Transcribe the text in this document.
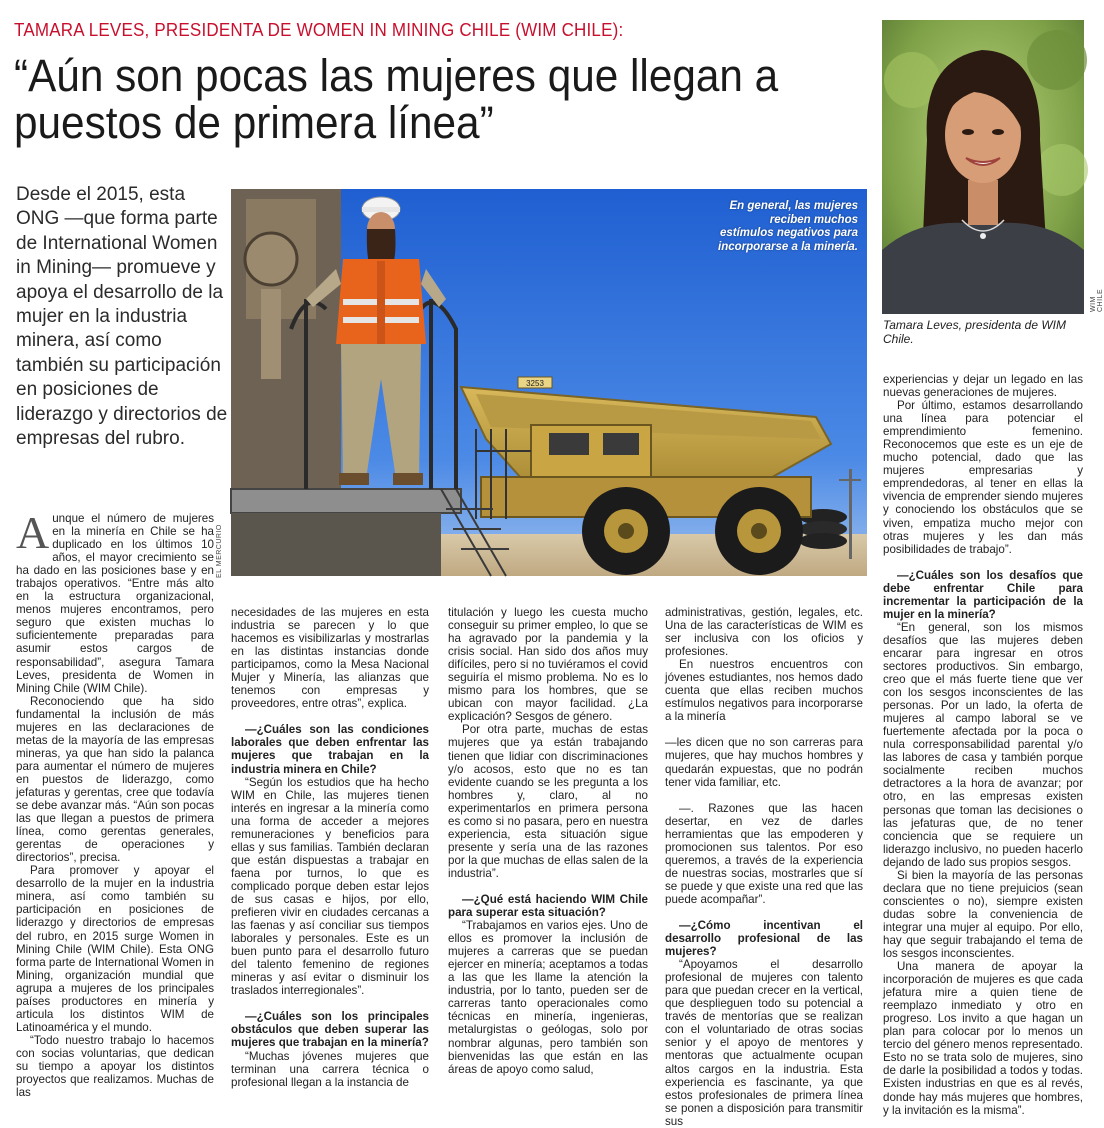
TAMARA LEVES, PRESIDENTA DE WOMEN IN MINING CHILE (WIM CHILE):
“Aún son pocas las mujeres que llegan a puestos de primera línea”

Desde el 2015, esta ONG —que forma parte de International Women in Mining— promueve y apoya el desarrollo de la mujer en la industria minera, así como también su participación en posiciones de liderazgo y directorios de empresas del rubro.

3253
En general, las mujeres reciben muchos estímulos negativos para incorporarse a la minería.
EL MERCURIO
WIM CHILE
Tamara Leves, presidenta de WIM Chile.

Aunque el número de mujeres en la minería en Chile se ha duplicado en los últimos 10 años, el mayor crecimiento se ha dado en las posiciones base y en trabajos operativos. “Entre más alto en la estructura organizacional, menos mujeres encontramos, pero seguro que existen muchas lo suficientemente preparadas para asumir estos cargos de responsabilidad”, asegura Tamara Leves, presidenta de Women in Mining Chile (WIM Chile).

Reconociendo que ha sido fundamental la inclusión de más mujeres en las declaraciones de metas de la mayoría de las empresas mineras, ya que han sido la palanca para aumentar el número de mujeres en puestos de liderazgo, como jefaturas y gerentas, cree que todavía se debe avanzar más. “Aún son pocas las que llegan a puestos de primera línea, como gerentas generales, gerentas de operaciones y directorios”, precisa.

Para promover y apoyar el desarrollo de la mujer en la industria minera, así como también su participación en posiciones de liderazgo y directorios de empresas del rubro, en 2015 surge Women in Mining Chile (WIM Chile). Esta ONG forma parte de International Women in Mining, organización mundial que agrupa a mujeres de los principales países productores en minería y articula los distintos WIM de Latinoamérica y el mundo.

“Todo nuestro trabajo lo hacemos con socias voluntarias, que dedican su tiempo a apoyar los distintos proyectos que realizamos. Muchas de las

necesidades de las mujeres en esta industria se parecen y lo que hacemos es visibilizarlas y mostrarlas en las distintas instancias donde participamos, como la Mesa Nacional Mujer y Minería, las alianzas que tenemos con empresas y proveedores, entre otras”, explica.

—¿Cuáles son las condiciones laborales que deben enfrentar las mujeres que trabajan en la industria minera en Chile?

“Según los estudios que ha hecho WIM en Chile, las mujeres tienen interés en ingresar a la minería como una forma de acceder a mejores remuneraciones y beneficios para ellas y sus familias. También declaran que están dispuestas a trabajar en faena por turnos, lo que es complicado porque deben estar lejos de sus casas e hijos, por ello, prefieren vivir en ciudades cercanas a las faenas y así conciliar sus tiempos laborales y personales. Este es un buen punto para el desarrollo futuro del talento femenino de regiones mineras y así evitar o disminuir los traslados interregionales”.

—¿Cuáles son los principales obstáculos que deben superar las mujeres que trabajan en la minería?

“Muchas jóvenes mujeres que terminan una carrera técnica o profesional llegan a la instancia de

titulación y luego les cuesta mucho conseguir su primer empleo, lo que se ha agravado por la pandemia y la crisis social. Han sido dos años muy difíciles, pero si no tuviéramos el covid seguiría el mismo problema. No es lo mismo para los hombres, que se ubican con mayor facilidad. ¿La explicación? Sesgos de género.

Por otra parte, muchas de estas mujeres que ya están trabajando tienen que lidiar con discriminaciones y/o acosos, esto que no es tan evidente cuando se les pregunta a los hombres y, claro, al no experimentarlos en primera persona es como si no pasara, pero en nuestra experiencia, esta situación sigue presente y sería una de las razones por la que muchas de ellas salen de la industria”.

—¿Qué está haciendo WIM Chile para superar esta situación?

“Trabajamos en varios ejes. Uno de ellos es promover la inclusión de mujeres a carreras que se puedan ejercer en minería; aceptamos a todas a las que les llame la atención la industria, por lo tanto, pueden ser de carreras tanto operacionales como técnicas en minería, ingenieras, metalurgistas o geólogas, solo por nombrar algunas, pero también son bienvenidas las que están en las áreas de apoyo como salud,

administrativas, gestión, legales, etc. Una de las características de WIM es ser inclusiva con los oficios y profesiones.

En nuestros encuentros con jóvenes estudiantes, nos hemos dado cuenta que ellas reciben muchos estímulos negativos para incorporarse a la minería

—les dicen que no son carreras para mujeres, que hay muchos hombres y quedarán expuestas, que no podrán tener vida familiar, etc.

—. Razones que las hacen desertar, en vez de darles herramientas que las empoderen y promocionen sus talentos. Por eso queremos, a través de la experiencia de nuestras socias, mostrarles que sí se puede y que existe una red que las puede acompañar”.

—¿Cómo incentivan el desarrollo profesional de las mujeres?

“Apoyamos el desarrollo profesional de mujeres con talento para que puedan crecer en la vertical, que desplieguen todo su potencial a través de mentorías que se realizan con el voluntariado de otras socias senior y el apoyo de mentores y mentoras que actualmente ocupan altos cargos en la industria. Esta experiencia es fascinante, ya que estos profesionales de primera línea se ponen a disposición para transmitir sus

experiencias y dejar un legado en las nuevas generaciones de mujeres.

Por último, estamos desarrollando una línea para potenciar el emprendimiento femenino. Reconocemos que este es un eje de mucho potencial, dado que las mujeres empresarias y emprendedoras, al tener en ellas la vivencia de emprender siendo mujeres y conociendo los obstáculos que se viven, empatiza mucho mejor con otras mujeres y les dan más posibilidades de trabajo”.

—¿Cuáles son los desafíos que debe enfrentar Chile para incrementar la participación de la mujer en la minería?

“En general, son los mismos desafíos que las mujeres deben encarar para ingresar en otros sectores productivos. Sin embargo, creo que el más fuerte tiene que ver con los sesgos inconscientes de las personas. Por un lado, la oferta de mujeres al campo laboral se ve fuertemente afectada por la poca o nula corresponsabilidad parental y/o las labores de casa y también porque socialmente reciben muchos detractores a la hora de avanzar; por otro, en las empresas existen personas que toman las decisiones o las jefaturas que, de no tener conciencia que se requiere un liderazgo inclusivo, no pueden hacerlo dejando de lado sus propios sesgos.

Si bien la mayoría de las personas declara que no tiene prejuicios (sean conscientes o no), siempre existen dudas sobre la conveniencia de integrar una mujer al equipo. Por ello, hay que seguir trabajando el tema de los sesgos inconscientes.

Una manera de apoyar la incorporación de mujeres es que cada jefatura mire a quien tiene de reemplazo inmediato y otro en progreso. Los invito a que hagan un plan para colocar por lo menos un tercio del género menos representado. Esto no se trata solo de mujeres, sino de darle la posibilidad a todos y todas. Existen industrias en que es al revés, donde hay más mujeres que hombres, y la invitación es la misma”.
